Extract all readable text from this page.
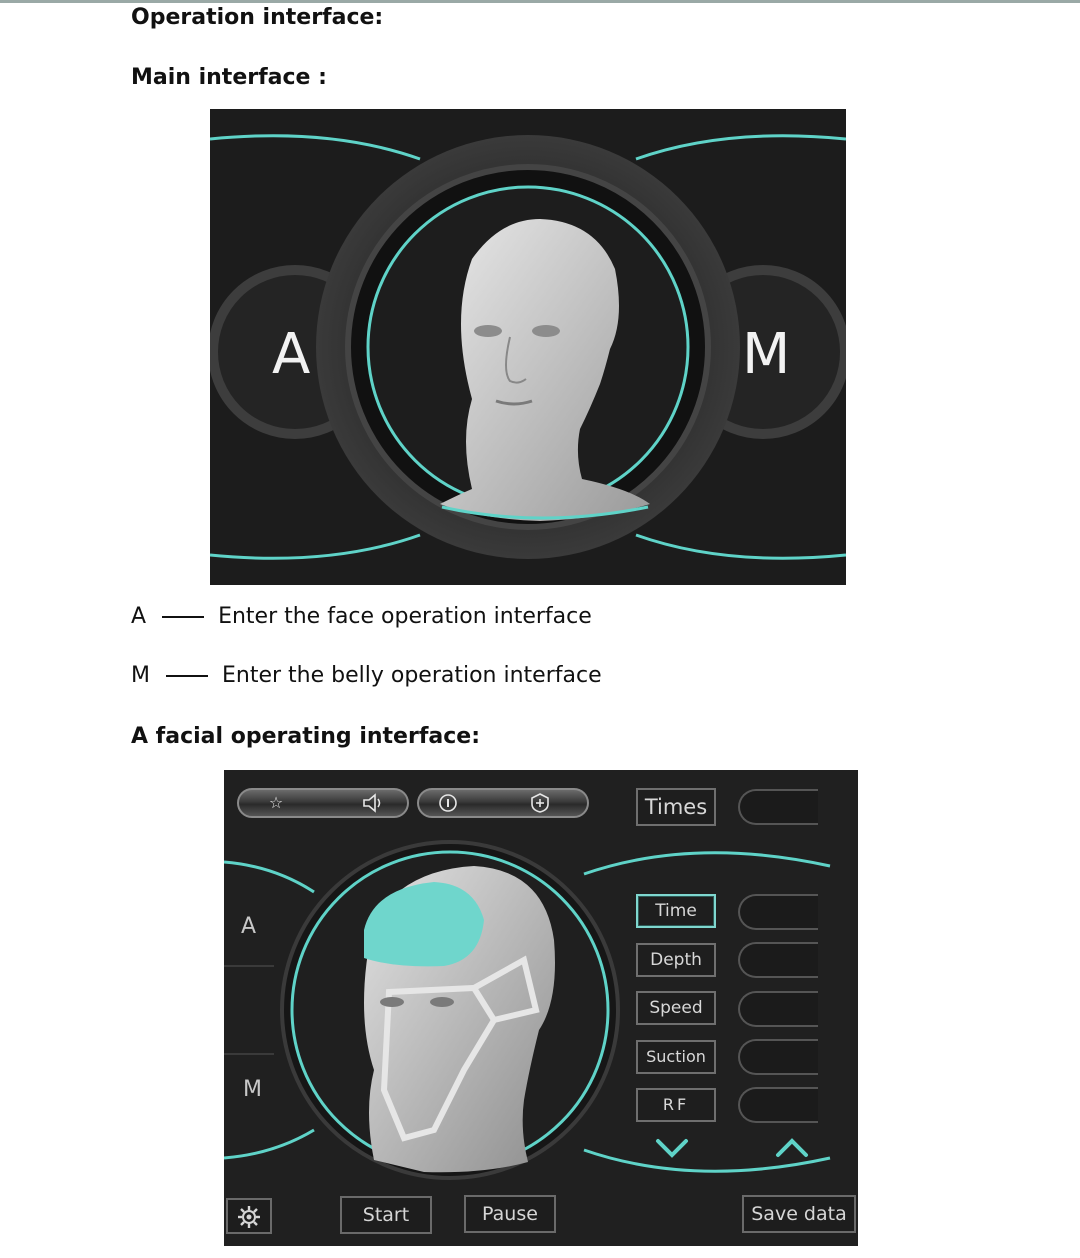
Operation interface:
Main interface :
A	M
A	Enter the face operation interface
M	Enter the belly operation interface
A facial operating interface:
☆	Times
A
M
Time
Depth
Speed
Suction
RF
Start	Pause	Save data
